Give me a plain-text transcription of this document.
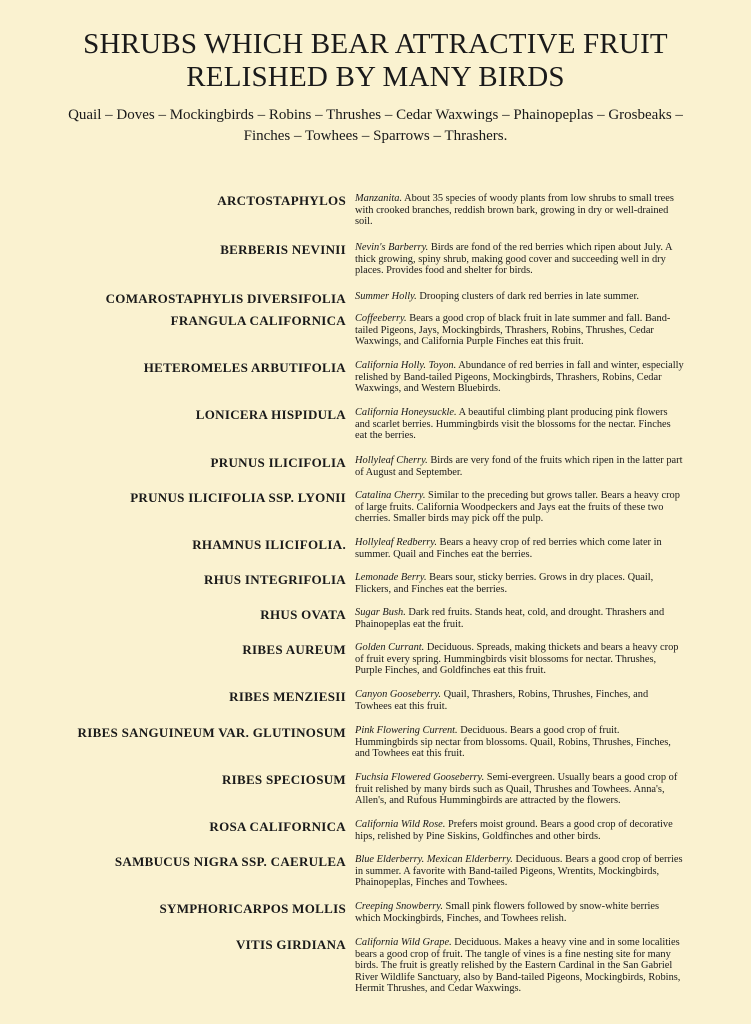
SHRUBS WHICH BEAR ATTRACTIVE FRUIT
RELISHED BY MANY BIRDS

Quail – Doves – Mockingbirds – Robins – Thrushes – Cedar Waxwings – Phainopeplas – Grosbeaks –
Finches – Towhees – Sparrows – Thrashers.

ARCTOSTAPHYLOS Manzanita. About 35 species of woody plants from low shrubs to small trees with crooked branches, reddish brown bark, growing in dry or well-drained soil.
BERBERIS NEVINII Nevin's Barberry. Birds are fond of the red berries which ripen about July. A thick growing, spiny shrub, making good cover and succeeding well in dry places. Provides food and shelter for birds.
COMAROSTAPHYLIS DIVERSIFOLIA Summer Holly. Drooping clusters of dark red berries in late summer.
FRANGULA CALIFORNICA Coffeeberry. Bears a good crop of black fruit in late summer and fall. Band-tailed Pigeons, Jays, Mockingbirds, Thrashers, Robins, Thrushes, Cedar Waxwings, and California Purple Finches eat this fruit.
HETEROMELES ARBUTIFOLIA California Holly. Toyon. Abundance of red berries in fall and winter, especially relished by Band-tailed Pigeons, Mockingbirds, Thrashers, Robins, Cedar Waxwings, and Western Bluebirds.
LONICERA HISPIDULA California Honeysuckle. A beautiful climbing plant producing pink flowers and scarlet berries. Hummingbirds visit the blossoms for the nectar. Finches eat the berries.
PRUNUS ILICIFOLIA Hollyleaf Cherry. Birds are very fond of the fruits which ripen in the latter part of August and September.
PRUNUS ILICIFOLIA SSP. LYONII Catalina Cherry. Similar to the preceding but grows taller. Bears a heavy crop of large fruits. California Woodpeckers and Jays eat the fruits of these two cherries. Smaller birds may pick off the pulp.
RHAMNUS ILICIFOLIA. Hollyleaf Redberry. Bears a heavy crop of red berries which come later in summer. Quail and Finches eat the berries.
RHUS INTEGRIFOLIA Lemonade Berry. Bears sour, sticky berries. Grows in dry places. Quail, Flickers, and Finches eat the berries.
RHUS OVATA Sugar Bush. Dark red fruits. Stands heat, cold, and drought. Thrashers and Phainopeplas eat the fruit.
RIBES AUREUM Golden Currant. Deciduous. Spreads, making thickets and bears a heavy crop of fruit every spring. Hummingbirds visit blossoms for nectar. Thrushes, Purple Finches, and Goldfinches eat this fruit.
RIBES MENZIESII Canyon Gooseberry. Quail, Thrashers, Robins, Thrushes, Finches, and Towhees eat this fruit.
RIBES SANGUINEUM VAR. GLUTINOSUM Pink Flowering Current. Deciduous. Bears a good crop of fruit. Hummingbirds sip nectar from blossoms. Quail, Robins, Thrushes, Finches, and Towhees eat this fruit.
RIBES SPECIOSUM Fuchsia Flowered Gooseberry. Semi-evergreen. Usually bears a good crop of fruit relished by many birds such as Quail, Thrushes and Towhees. Anna's, Allen's, and Rufous Hummingbirds are attracted by the flowers.
ROSA CALIFORNICA California Wild Rose. Prefers moist ground. Bears a good crop of decorative hips, relished by Pine Siskins, Goldfinches and other birds.
SAMBUCUS NIGRA SSP. CAERULEA Blue Elderberry. Mexican Elderberry. Deciduous. Bears a good crop of berries in summer. A favorite with Band-tailed Pigeons, Wrentits, Mockingbirds, Phainopeplas, Finches and Towhees.
SYMPHORICARPOS MOLLIS Creeping Snowberry. Small pink flowers followed by snow-white berries which Mockingbirds, Finches, and Towhees relish.
VITIS GIRDIANA California Wild Grape. Deciduous. Makes a heavy vine and in some localities bears a good crop of fruit. The tangle of vines is a fine nesting site for many birds. The fruit is greatly relished by the Eastern Cardinal in the San Gabriel River Wildlife Sanctuary, also by Band-tailed Pigeons, Mockingbirds, Robins, Hermit Thrushes, and Cedar Waxwings.
